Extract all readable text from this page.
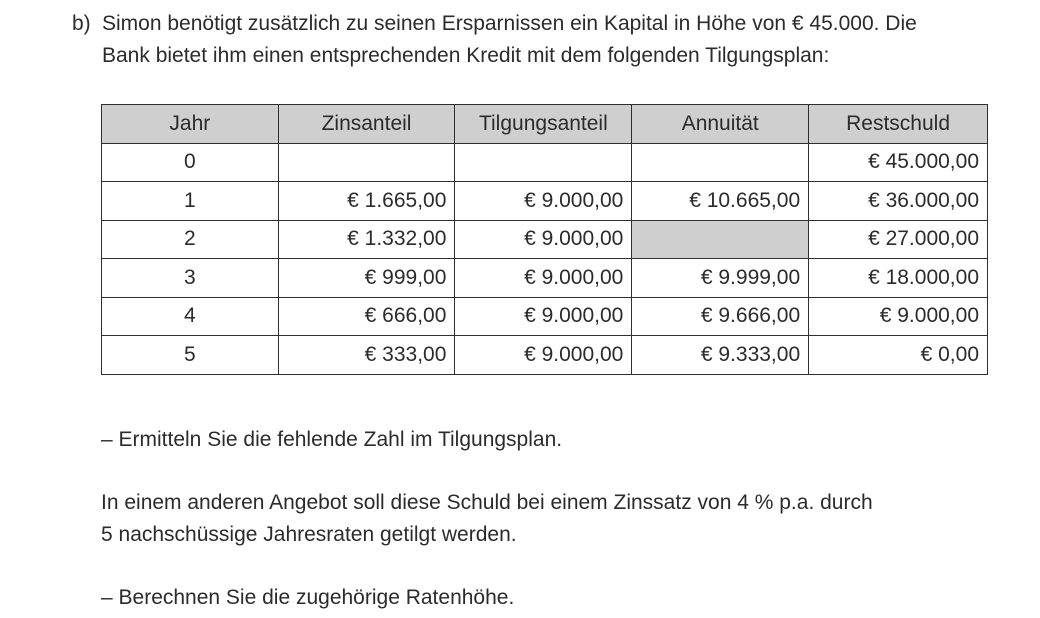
b) Simon benötigt zusätzlich zu seinen Ersparnissen ein Kapital in Höhe von € 45.000. Die
Bank bietet ihm einen entsprechenden Kredit mit dem folgenden Tilgungsplan:
Jahr	Zinsanteil	Tilgungsanteil	Annuität	Restschuld
0				€ 45.000,00
1	€ 1.665,00	€ 9.000,00	€ 10.665,00	€ 36.000,00
2	€ 1.332,00	€ 9.000,00		€ 27.000,00
3	€ 999,00	€ 9.000,00	€ 9.999,00	€ 18.000,00
4	€ 666,00	€ 9.000,00	€ 9.666,00	€ 9.000,00
5	€ 333,00	€ 9.000,00	€ 9.333,00	€ 0,00
– Ermitteln Sie die fehlende Zahl im Tilgungsplan.
In einem anderen Angebot soll diese Schuld bei einem Zinssatz von 4 % p.a. durch
5 nachschüssige Jahresraten getilgt werden.
– Berechnen Sie die zugehörige Ratenhöhe.
